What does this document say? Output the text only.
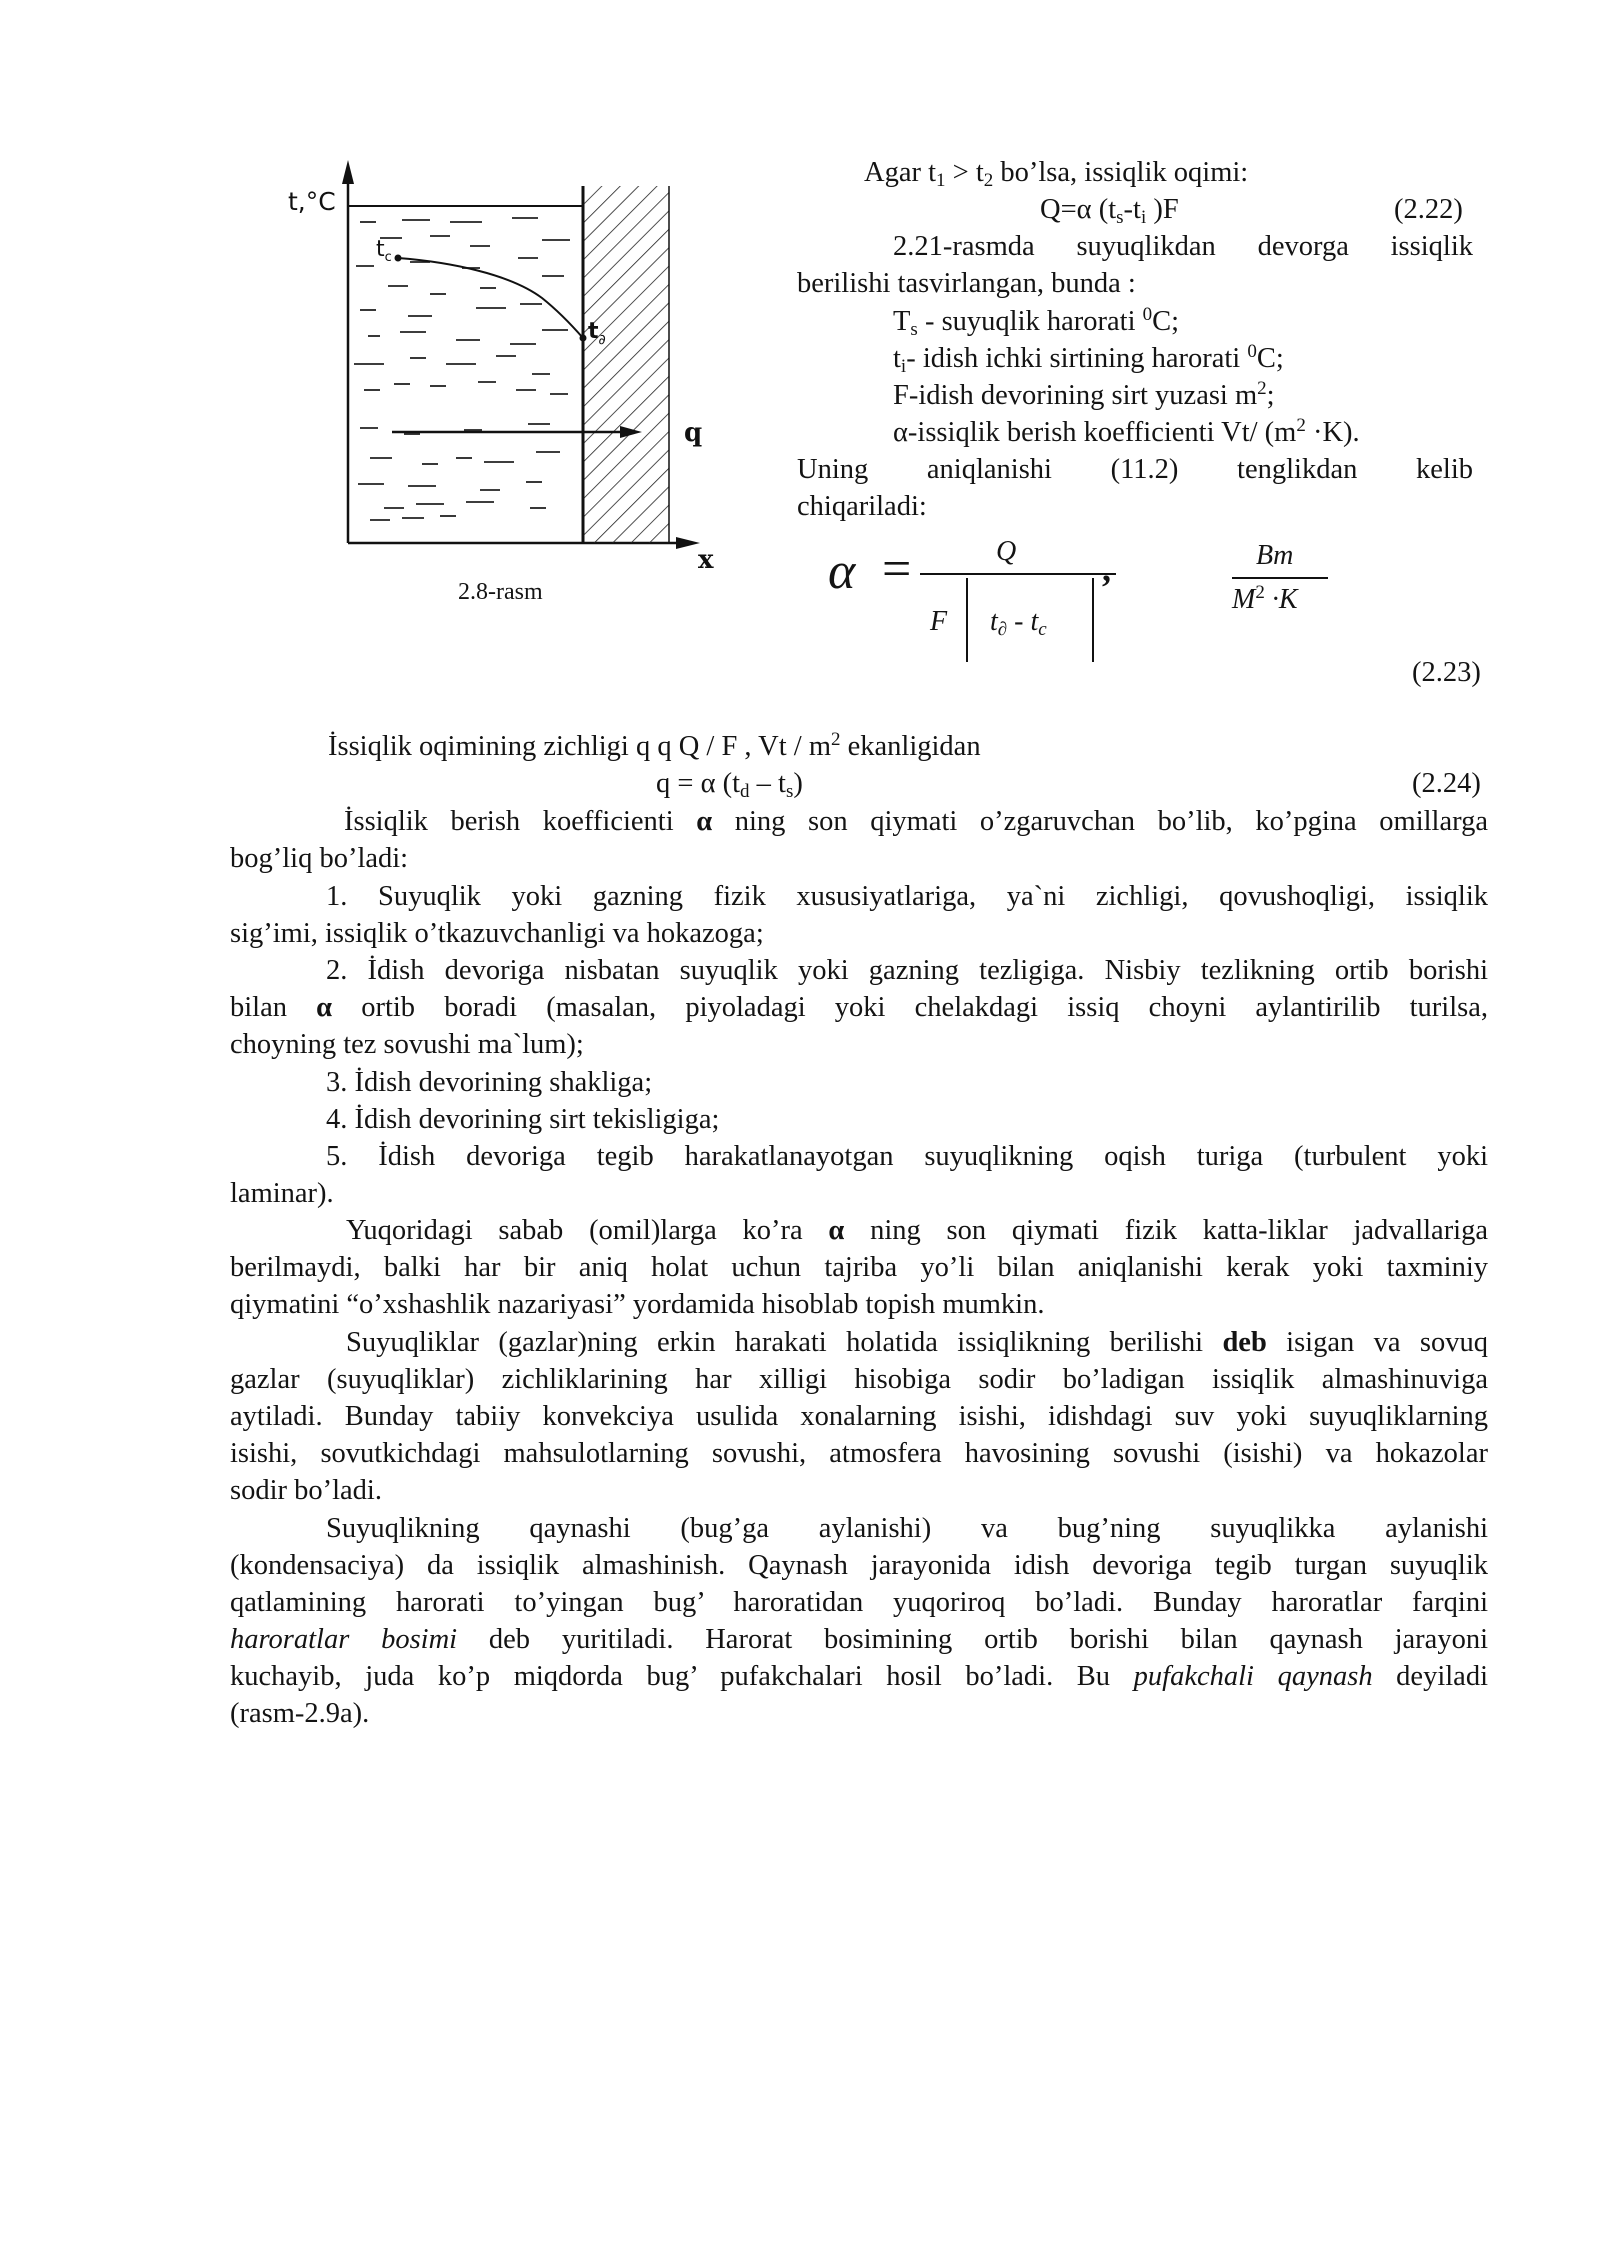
t,°C
x
q
$t_c$
$t_\partial$
2.8-rasm
Agar $t_1 > t_2$ bo’lsa, issiqlik oqimi:
Q=α ($t_s-t_i$ )F	(2.22)
2.21-rasmda suyuqlikdan devorga issiqlik
berilishi tasvirlangan, bunda :
$T_s$ - suyuqlik harorati $^0$C;
$t_i-$ idish ichki sirtining harorati $^0$C;
F-idish devorining sirt yuzasi $m^2$;
α-issiqlik berish koefficienti Vt/ $(m^2 \cdot K)$.
Uning aniqlanishi (11.2) tenglikdan kelib
chiqariladi:
α =	Q
F $t_\partial - t_c$
,	Bm
$M^2 \cdot K$
(2.23)
İssiqlik oqimining zichligi q q Q / F , Vt / $m^2$ ekanligidan
q = α $(t_d - t_s)$	(2.24)
İssiqlik berish koefficienti α ning son qiymati o’zgaruvchan bo’lib, ko’pgina omillarga
bog’liq bo’ladi:
1. Suyuqlik yoki gazning fizik xususiyatlariga, ya`ni zichligi, qovushoqligi, issiqlik
sig’imi, issiqlik o’tkazuvchanligi va hokazoga;
2. İdish devoriga nisbatan suyuqlik yoki gazning tezligiga. Nisbiy tezlikning ortib borishi
bilan α ortib boradi (masalan, piyoladagi yoki chelakdagi issiq choyni aylantirilib turilsa,
choyning tez sovushi ma`lum);
3. İdish devorining shakliga;
4. İdish devorining sirt tekisligiga;
5. İdish devoriga tegib harakatlanayotgan suyuqlikning oqish turiga (turbulent yoki
laminar).
Yuqoridagi sabab (omil)larga ko’ra α ning son qiymati fizik katta-liklar jadvallariga
berilmaydi, balki har bir aniq holat uchun tajriba yo’li bilan aniqlanishi kerak yoki taxminiy
qiymatini “o’xshashlik nazariyasi” yordamida hisoblab topish mumkin.
Suyuqliklar (gazlar)ning erkin harakati holatida issiqlikning berilishi deb isigan va sovuq
gazlar (suyuqliklar) zichliklarining har xilligi hisobiga sodir bo’ladigan issiqlik almashinuviga
aytiladi. Bunday tabiiy konvekciya usulida xonalarning isishi, idishdagi suv yoki suyuqliklarning
isishi, sovutkichdagi mahsulotlarning sovushi, atmosfera havosining sovushi (isishi) va hokazolar
sodir bo’ladi.
Suyuqlikning qaynashi (bug’ga aylanishi) va bug’ning suyuqlikka aylanishi
(kondensaciya) da issiqlik almashinish. Qaynash jarayonida idish devoriga tegib turgan suyuqlik
qatlamining harorati to’yingan bug’ haroratidan yuqoriroq bo’ladi. Bunday haroratlar farqini
haroratlar bosimi deb yuritiladi. Harorat bosimining ortib borishi bilan qaynash jarayoni
kuchayib, juda ko’p miqdorda bug’ pufakchalari hosil bo’ladi. Bu pufakchali qaynash deyiladi
(rasm-2.9a).
